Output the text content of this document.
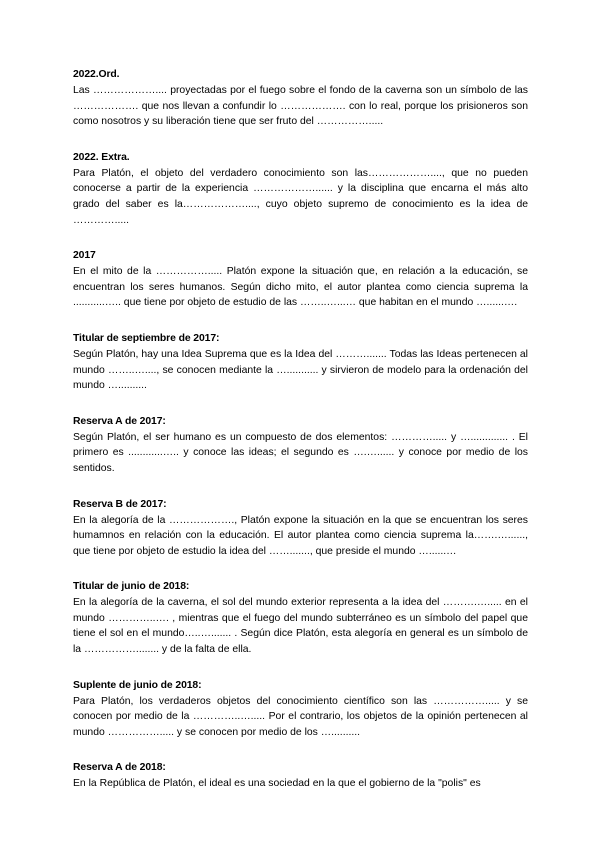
2022.Ord.

Las ……………….... proyectadas por el fuego sobre el fondo de la caverna son un símbolo de las ………………. que nos llevan a confundir lo ………………. con lo real, porque los prisioneros son como nosotros y su liberación tiene que ser fruto del …………….....

2022. Extra.

Para Platón, el objeto del verdadero conocimiento son las………………...., que no pueden conocerse a partir de la experiencia ………………...... y la disciplina que encarna el más alto grado del saber es la………………...., cuyo objeto supremo de conocimiento es la idea de ………….....

2017

En el mito de la ……………..... Platón expone la situación que, en relación a la educación, se encuentran los seres humanos. Según dicho mito, el autor plantea como ciencia suprema la ...........….. que tiene por objeto de estudio de las ……..…...… que habitan en el mundo …......….

Titular de septiembre de 2017:

Según Platón, hay una Idea Suprema que es la Idea del ………....... Todas las Ideas pertenecen al mundo ……..…...., se conocen mediante la …........... y sirvieron de modelo para la ordenación del mundo …..........

Reserva A de 2017:

Según Platón, el ser humano es un compuesto de dos elementos: …………..... y …............. . El primero es ............….. y conoce las ideas; el segundo es ….…...... y conoce por medio de los sentidos.

Reserva B de 2017:

En la alegoría de la ………………., Platón expone la situación en la que se encuentran los seres humamnos en relación con la educación. El autor plantea como ciencia suprema la…….…......, que tiene por objeto de estudio la idea del ……......., que preside el mundo …......…

Titular de junio de 2018:

En la alegoría de la caverna, el sol del mundo exterior representa a la idea del ……….…..... en el mundo …………..…. , mientras que el fuego del mundo subterráneo es un símbolo del papel que tiene el sol en el mundo…..…....... . Según dice Platón, esta alegoría en general es un símbolo de la ……………........ y de la falta de ella.

Suplente de junio de 2018:

Para Platón, los verdaderos objetos del conocimiento científico son las ……………..... y se conocen por medio de la …………..…..... Por el contrario, los objetos de la opinión pertenecen al mundo ……………..... y se conocen por medio de los …..........

Reserva A de 2018:

En la República de Platón, el ideal es una sociedad en la que el gobierno de la "polis" es
